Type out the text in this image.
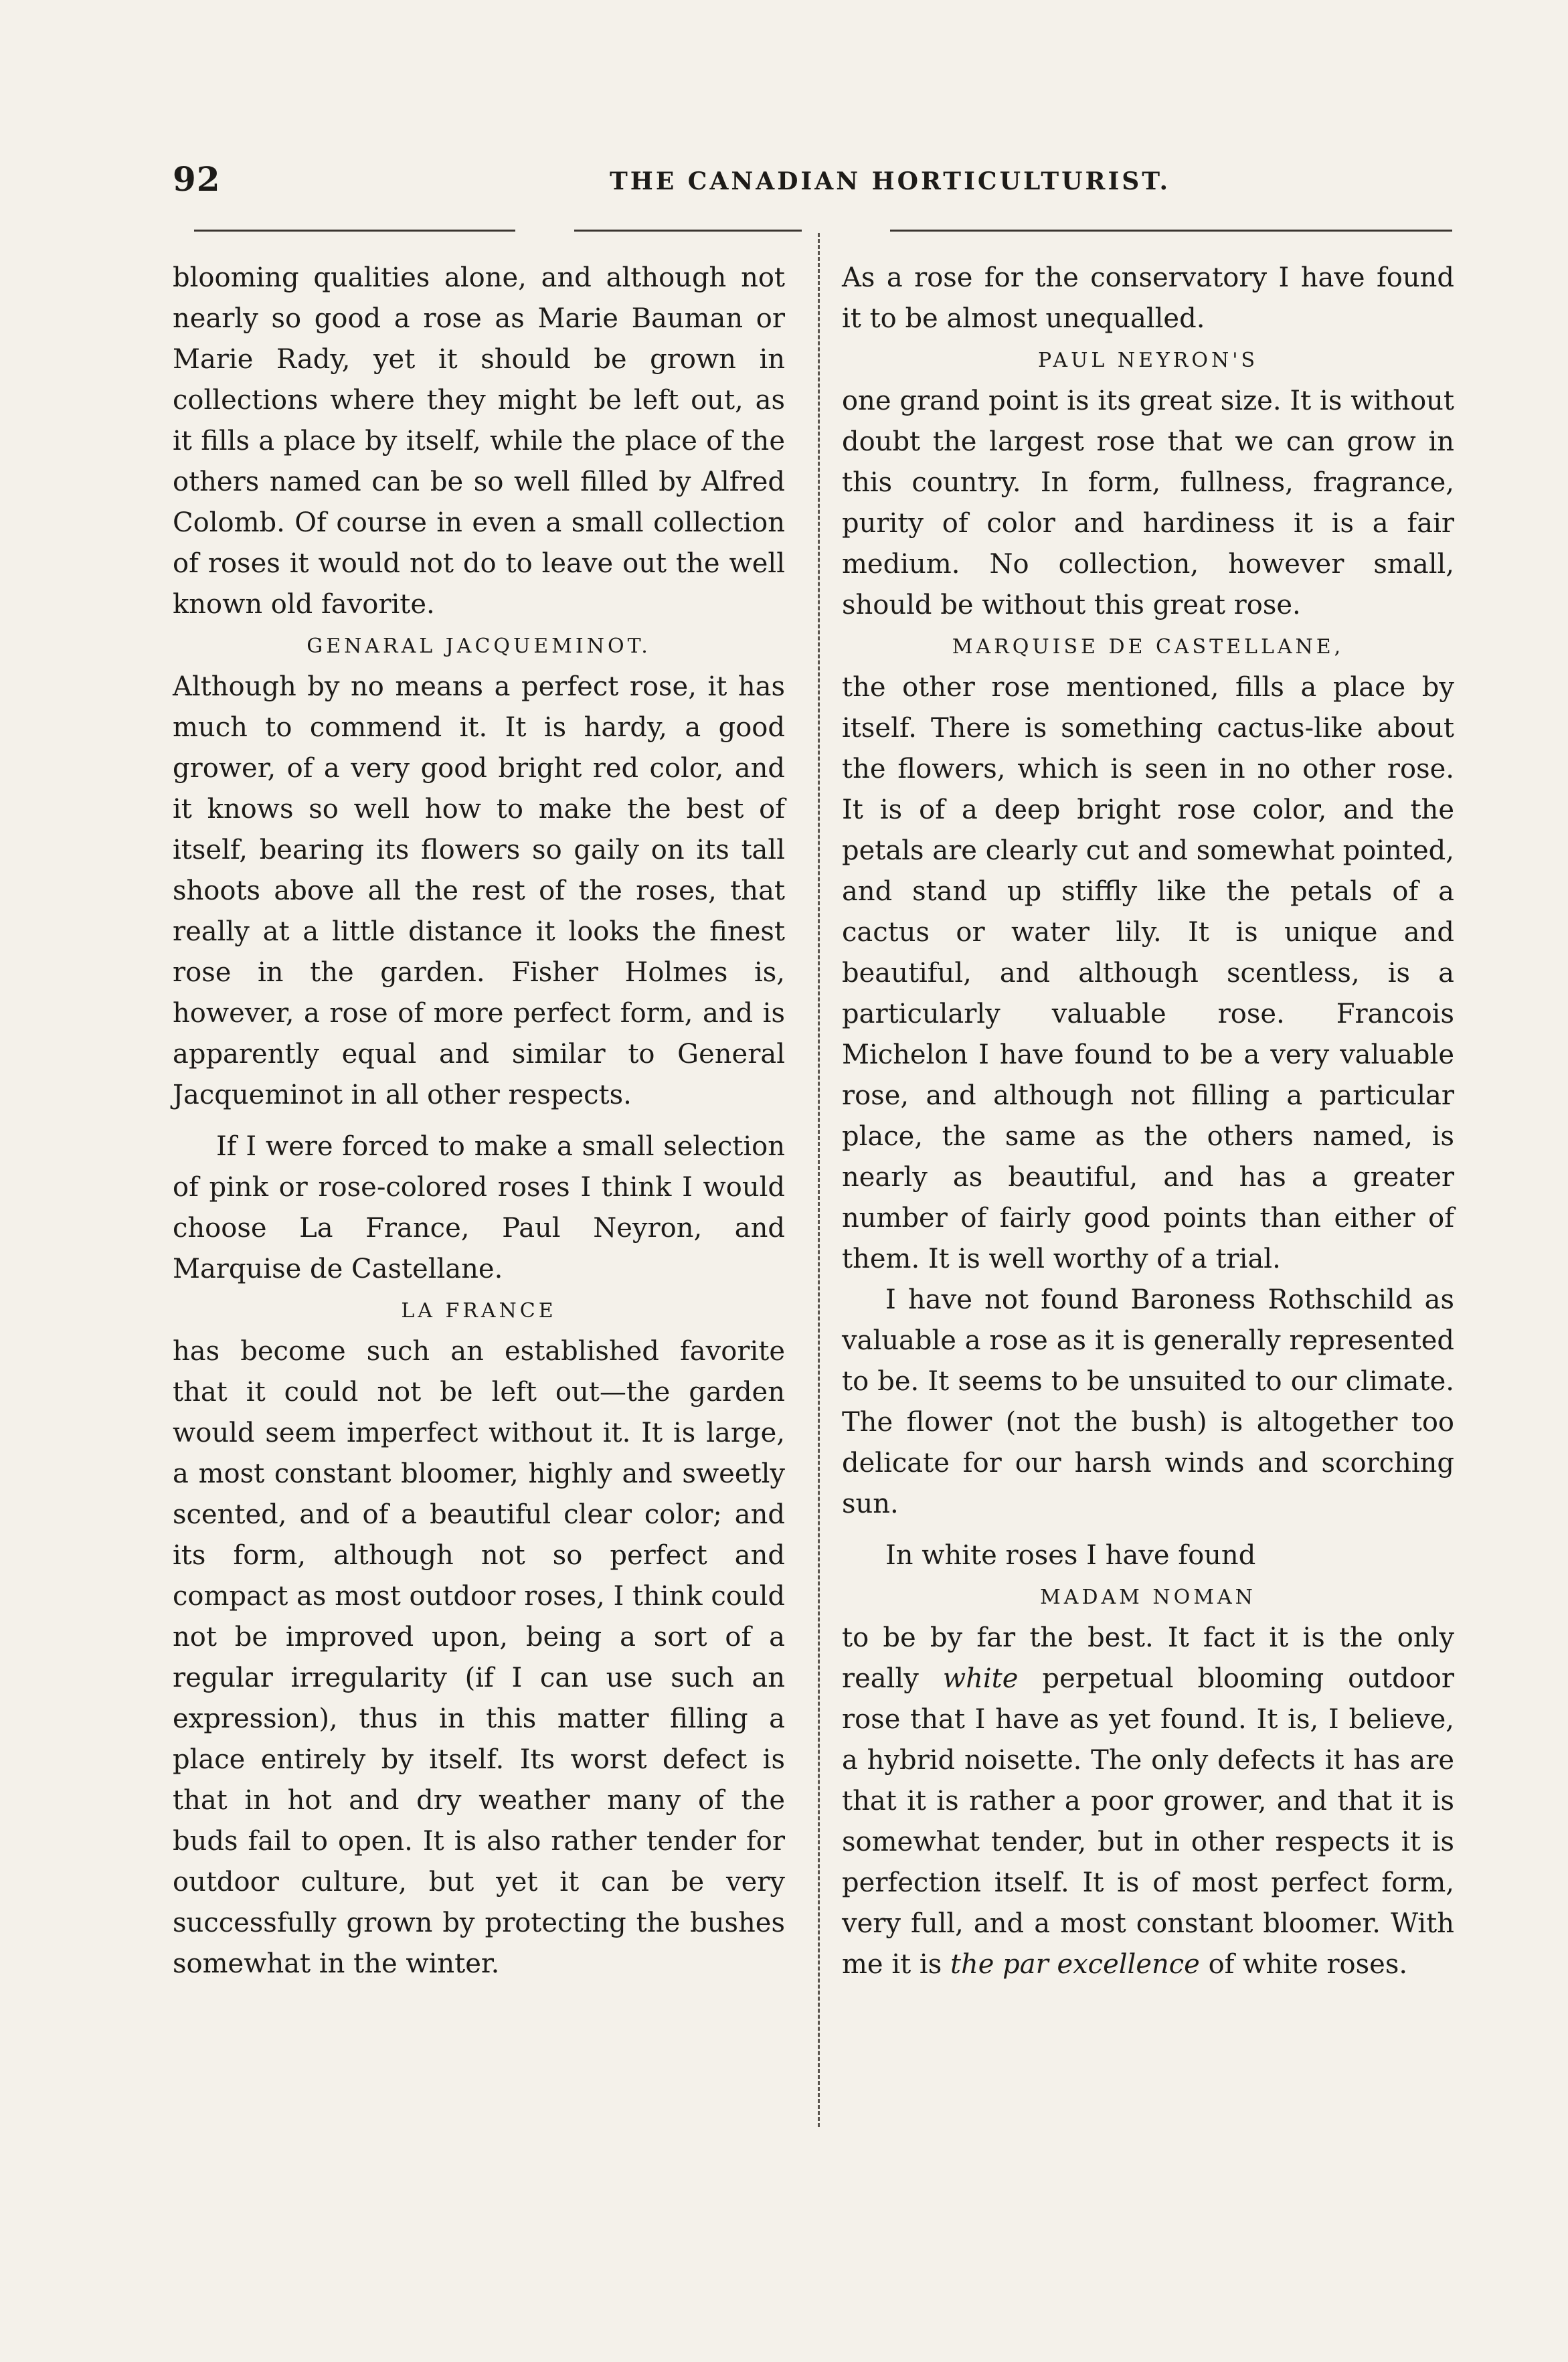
92	THE CANADIAN HORTICULTURIST.

blooming qualities alone, and although not nearly so good a rose as Marie Bauman or Marie Rady, yet it should be grown in collections where they might be left out, as it fills a place by itself, while the place of the others named can be so well filled by Alfred Colomb. Of course in even a small collection of roses it would not do to leave out the well known old favorite.

GENARAL JACQUEMINOT.

Although by no means a perfect rose, it has much to commend it. It is hardy, a good grower, of a very good bright red color, and it knows so well how to make the best of itself, bearing its flowers so gaily on its tall shoots above all the rest of the roses, that really at a little distance it looks the finest rose in the garden. Fisher Holmes is, however, a rose of more perfect form, and is apparently equal and similar to General Jacqueminot in all other respects.

If I were forced to make a small selection of pink or rose-colored roses I think I would choose La France, Paul Neyron, and Marquise de Castellane.

LA FRANCE

has become such an established favorite that it could not be left out—the garden would seem imperfect without it. It is large, a most constant bloomer, highly and sweetly scented, and of a beautiful clear color; and its form, although not so perfect and compact as most outdoor roses, I think could not be improved upon, being a sort of a regular irregularity (if I can use such an expression), thus in this matter filling a place entirely by itself. Its worst defect is that in hot and dry weather many of the buds fail to open. It is also rather tender for outdoor culture, but yet it can be very successfully grown by protecting the bushes somewhat in the winter.

As a rose for the conservatory I have found it to be almost unequalled.

PAUL NEYRON'S

one grand point is its great size. It is without doubt the largest rose that we can grow in this country. In form, fullness, fragrance, purity of color and hardiness it is a fair medium. No collection, however small, should be without this great rose.

MARQUISE DE CASTELLANE,

the other rose mentioned, fills a place by itself. There is something cactus-like about the flowers, which is seen in no other rose. It is of a deep bright rose color, and the petals are clearly cut and somewhat pointed, and stand up stiffly like the petals of a cactus or water lily. It is unique and beautiful, and although scentless, is a particularly valuable rose. Francois Michelon I have found to be a very valuable rose, and although not filling a particular place, the same as the others named, is nearly as beautiful, and has a greater number of fairly good points than either of them. It is well worthy of a trial.

I have not found Baroness Rothschild as valuable a rose as it is generally represented to be. It seems to be unsuited to our climate. The flower (not the bush) is altogether too delicate for our harsh winds and scorching sun.

In white roses I have found

MADAM NOMAN

to be by far the best. It fact it is the only really white perpetual blooming outdoor rose that I have as yet found. It is, I believe, a hybrid noisette. The only defects it has are that it is rather a poor grower, and that it is somewhat tender, but in other respects it is perfection itself. It is of most perfect form, very full, and a most constant bloomer. With me it is the par excellence of white roses.
